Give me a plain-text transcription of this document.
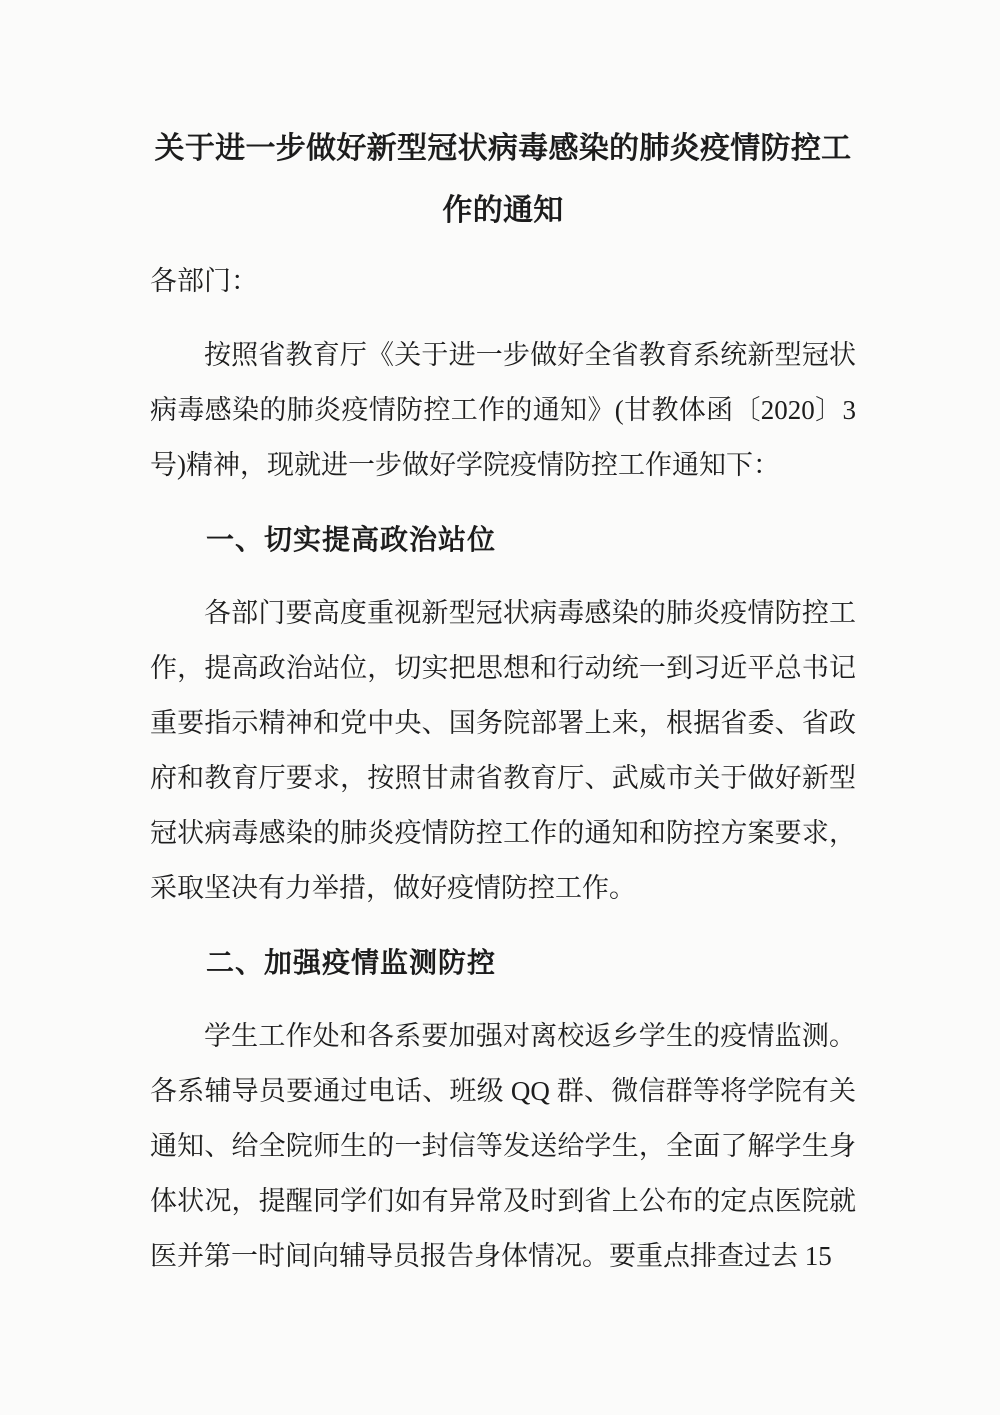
关于进一步做好新型冠状病毒感染的肺炎疫情防控工作的通知

各部门：

按照省教育厅《关于进一步做好全省教育系统新型冠状病毒感染的肺炎疫情防控工作的通知》(甘教体函〔2020〕3号)精神，现就进一步做好学院疫情防控工作通知下：

一、切实提高政治站位

各部门要高度重视新型冠状病毒感染的肺炎疫情防控工作，提高政治站位，切实把思想和行动统一到习近平总书记重要指示精神和党中央、国务院部署上来，根据省委、省政府和教育厅要求，按照甘肃省教育厅、武威市关于做好新型冠状病毒感染的肺炎疫情防控工作的通知和防控方案要求，采取坚决有力举措，做好疫情防控工作。

二、加强疫情监测防控

学生工作处和各系要加强对离校返乡学生的疫情监测。各系辅导员要通过电话、班级 QQ 群、微信群等将学院有关通知、给全院师生的一封信等发送给学生，全面了解学生身体状况，提醒同学们如有异常及时到省上公布的定点医院就医并第一时间向辅导员报告身体情况。要重点排查过去 15
